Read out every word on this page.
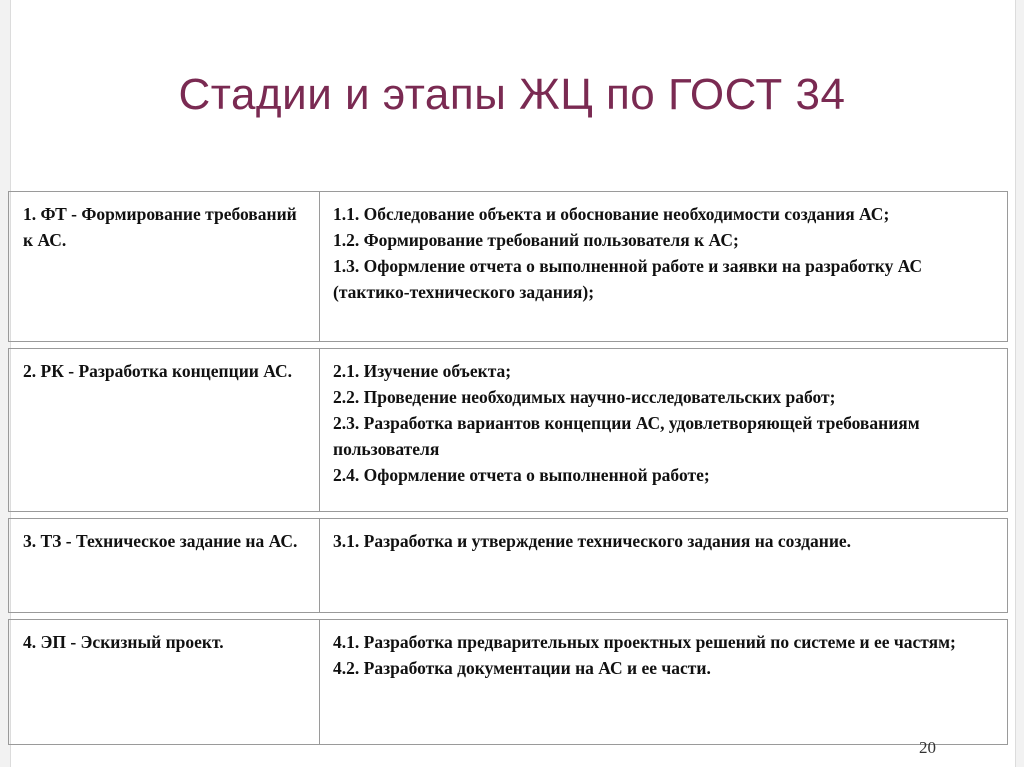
Стадии и этапы ЖЦ по ГОСТ 34
1. ФТ - Формирование требований к АС.	1.1. Обследование объекта и обоснование необходимости создания АС;
1.2. Формирование требований пользователя к АС;
1.3. Оформление отчета о выполненной работе и заявки на разработку АС (тактико-технического задания);

2. РК - Разработка концепции АС.	2.1. Изучение объекта;
2.2. Проведение необходимых научно-исследовательских работ;
2.3. Разработка вариантов концепции АС, удовлетворяющей требованиям пользователя
2.4. Оформление отчета о выполненной работе;

3. ТЗ - Техническое задание на АС.	3.1. Разработка и утверждение технического задания на создание.

4. ЭП - Эскизный проект.	4.1. Разработка предварительных проектных решений по системе и ее частям;
4.2. Разработка документации на АС и ее части.
20
